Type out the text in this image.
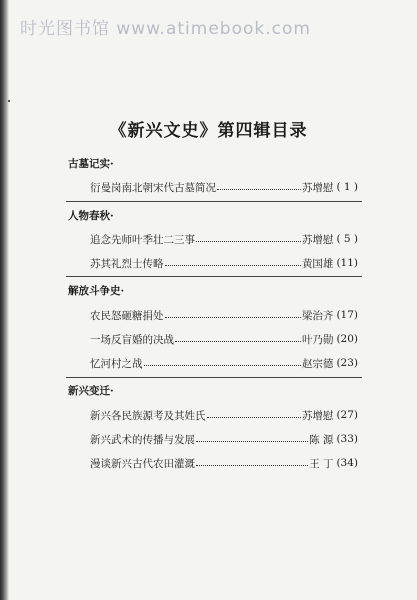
时光图书馆 www.atimebook.com
《新兴文史》第四辑目录
古墓记实·
衍曼岗南北朝宋代古墓简况	苏增慰 ( 1 )
人物春秋·
追念先师叶季壮二三事	苏增慰 ( 5 )
苏其礼烈士传略	黄国雄 (11)
解放斗争史·
农民怒砸糖捐处	梁治齐 (17)
一场反盲婚的决战	叶乃勋 (20)
忆河村之战	赵宗德 (23)
新兴变迁·
新兴各民族源考及其姓氏	苏增慰 (27)
新兴武术的传播与发展	陈 源 (33)
漫谈新兴古代农田灌溉	王 丁 (34)
